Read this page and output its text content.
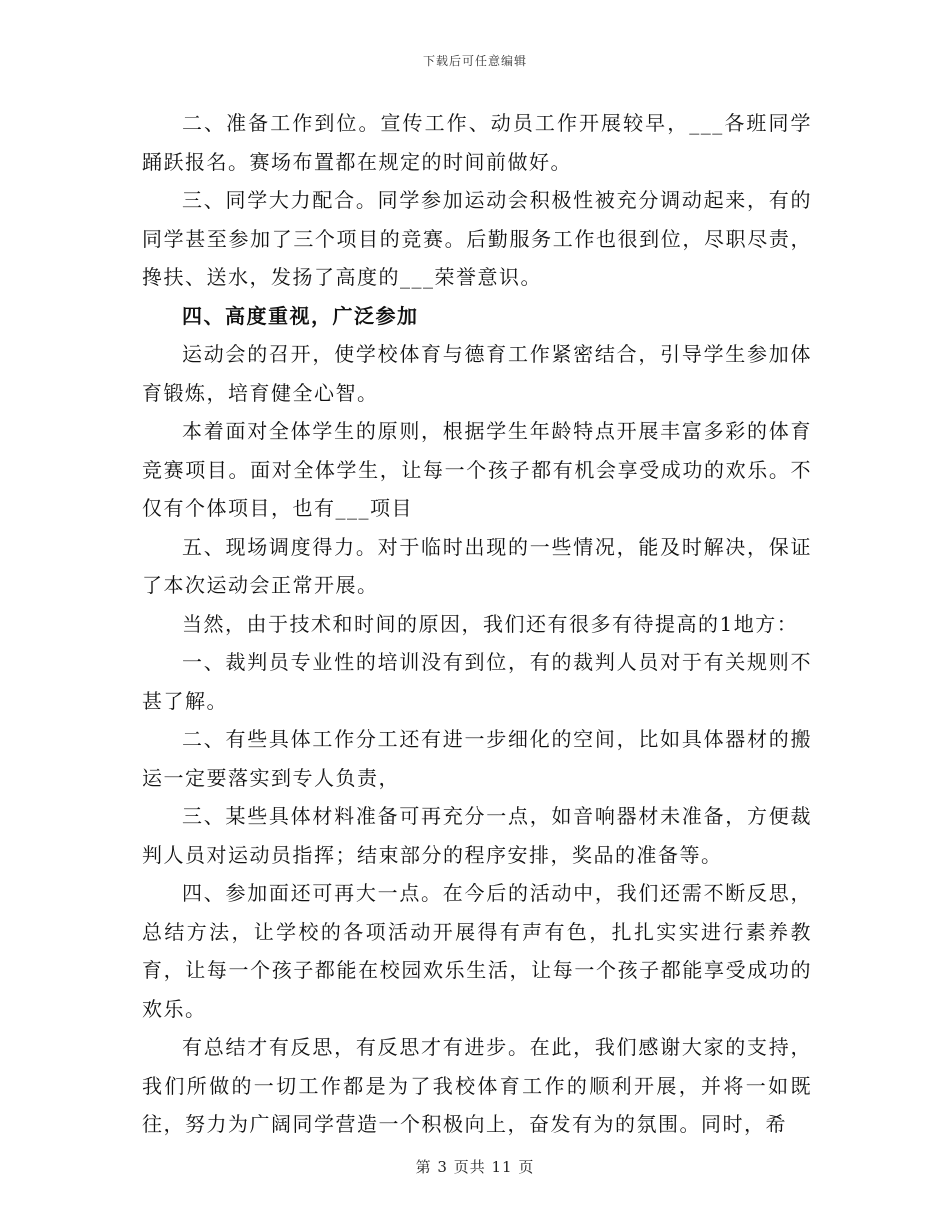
下载后可任意编辑

二、准备工作到位。宣传工作、动员工作开展较早，___各班同学踊跃报名。赛场布置都在规定的时间前做好。

三、同学大力配合。同学参加运动会积极性被充分调动起来，有的同学甚至参加了三个项目的竞赛。后勤服务工作也很到位，尽职尽责，搀扶、送水，发扬了高度的___荣誉意识。

四、高度重视，广泛参加

运动会的召开，使学校体育与德育工作紧密结合，引导学生参加体育锻炼，培育健全心智。

本着面对全体学生的原则，根据学生年龄特点开展丰富多彩的体育竞赛项目。面对全体学生，让每一个孩子都有机会享受成功的欢乐。不仅有个体项目，也有___项目

五、现场调度得力。对于临时出现的一些情况，能及时解决，保证了本次运动会正常开展。

当然，由于技术和时间的原因，我们还有很多有待提高的1地方：

一、裁判员专业性的培训没有到位，有的裁判人员对于有关规则不甚了解。

二、有些具体工作分工还有进一步细化的空间，比如具体器材的搬运一定要落实到专人负责，

三、某些具体材料准备可再充分一点，如音响器材未准备，方便裁判人员对运动员指挥；结束部分的程序安排，奖品的准备等。

四、参加面还可再大一点。在今后的活动中，我们还需不断反思，总结方法，让学校的各项活动开展得有声有色，扎扎实实进行素养教育，让每一个孩子都能在校园欢乐生活，让每一个孩子都能享受成功的欢乐。

有总结才有反思，有反思才有进步。在此，我们感谢大家的支持，我们所做的一切工作都是为了我校体育工作的顺利开展，并将一如既往，努力为广阔同学营造一个积极向上，奋发有为的氛围。同时，希

第 3 页共 11 页
